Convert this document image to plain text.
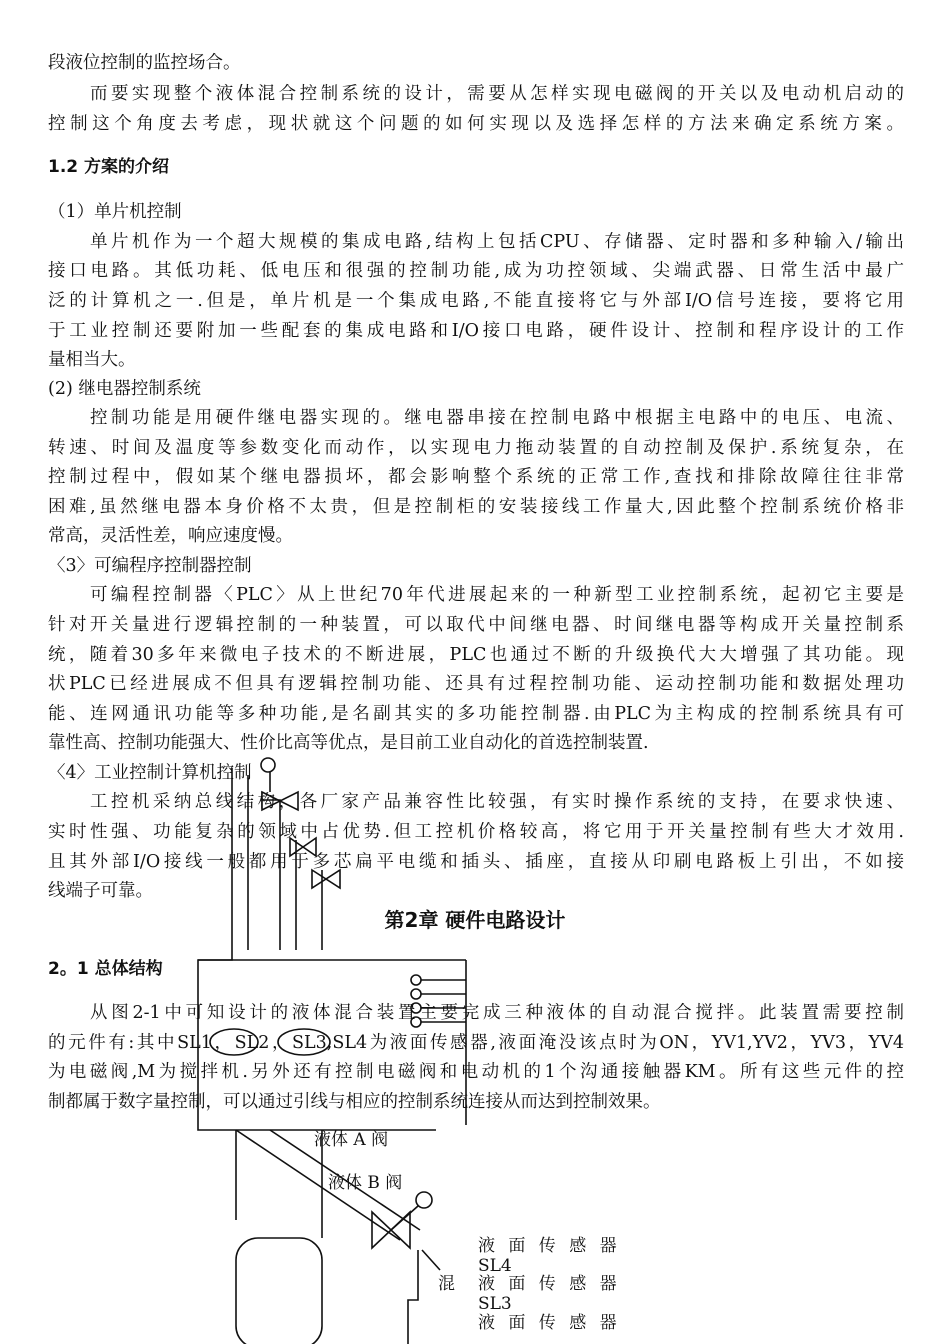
段液位控制的监控场合。
而要实现整个液体混合控制系统的设计，需要从怎样实现电磁阀的开关以及电动机启动的
控制这个角度去考虑，现状就这个问题的如何实现以及选择怎样的方法来确定系统方案。
1.2 方案的介绍
（1）单片机控制
单片机作为一个超大规模的集成电路,结构上包括CPU、存储器、定时器和多种输入/输出
接口电路。其低功耗、低电压和很强的控制功能,成为功控领域、尖端武器、日常生活中最广
泛的计算机之一.但是，单片机是一个集成电路,不能直接将它与外部I/O信号连接，要将它用
于工业控制还要附加一些配套的集成电路和I/O接口电路，硬件设计、控制和程序设计的工作
量相当大。
(2) 继电器控制系统
控制功能是用硬件继电器实现的。继电器串接在控制电路中根据主电路中的电压、电流、
转速、时间及温度等参数变化而动作，以实现电力拖动装置的自动控制及保护.系统复杂，在
控制过程中，假如某个继电器损坏，都会影响整个系统的正常工作,查找和排除故障往往非常
困难,虽然继电器本身价格不太贵，但是控制柜的安装接线工作量大,因此整个控制系统价格非
常高，灵活性差，响应速度慢。
〈3〉可编程序控制器控制
可编程控制器〈PLC〉从上世纪70年代进展起来的一种新型工业控制系统，起初它主要是
针对开关量进行逻辑控制的一种装置，可以取代中间继电器、时间继电器等构成开关量控制系
统，随着30多年来微电子技术的不断进展，PLC也通过不断的升级换代大大增强了其功能。现
状PLC已经进展成不但具有逻辑控制功能、还具有过程控制功能、运动控制功能和数据处理功
能、连网通讯功能等多种功能,是名副其实的多功能控制器.由PLC为主构成的控制系统具有可
靠性高、控制功能强大、性价比高等优点，是目前工业自动化的首选控制装置.
〈4〉工业控制计算机控制
工控机采纳总线结构，各厂家产品兼容性比较强，有实时操作系统的支持，在要求快速、
实时性强、功能复杂的领域中占优势.但工控机价格较高，将它用于开关量控制有些大才效用.
且其外部I/O接线一般都用于多芯扁平电缆和插头、插座，直接从印刷电路板上引出，不如接
线端子可靠。
第2章 硬件电路设计
2。1 总体结构
从图2-1中可知设计的液体混合装置主要完成三种液体的自动混合搅拌。此装置需要控制
的元件有:其中SL1，SL2，SL3,SL4为液面传感器,液面淹没该点时为ON，YV1,YV2，YV3，YV4
为电磁阀,M为搅拌机.另外还有控制电磁阀和电动机的1个沟通接触器KM。所有这些元件的控
制都属于数字量控制，可以通过引线与相应的控制系统连接从而达到控制效果。
液体 A 阀
液体 B 阀
液 面 传 感 器
SL4
液 面 传 感 器
SL3
液 面 传 感 器
混
